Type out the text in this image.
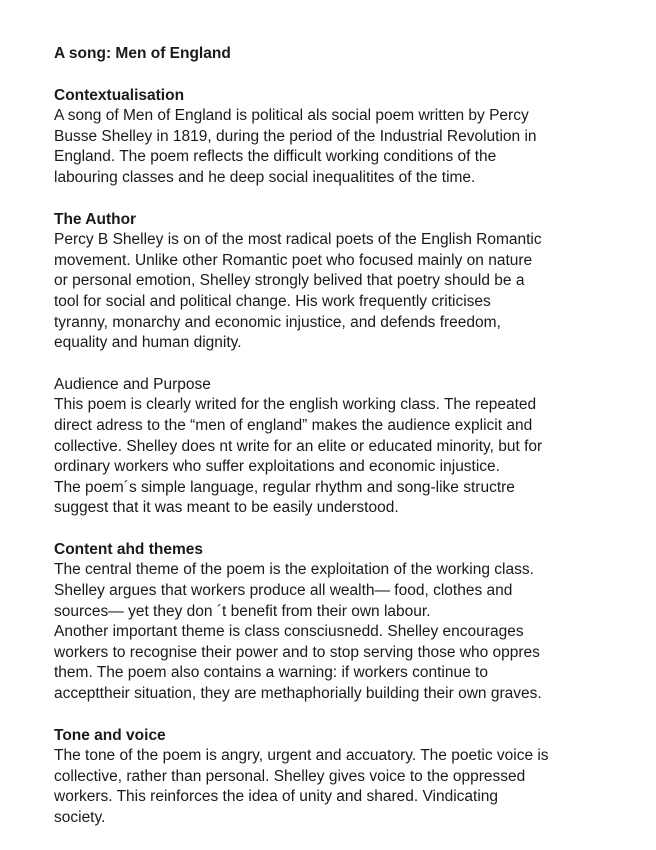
A song: Men of England
Contextualisation
A song of Men of England is political als social poem written by Percy
Busse Shelley in 1819, during the period of the Industrial Revolution in
England. The poem reflects the difficult working conditions of the
labouring classes and he deep social inequalitites of the time.
The Author
Percy B Shelley is on of the most radical poets of the English Romantic
movement. Unlike other Romantic poet who focused mainly on nature
or personal emotion, Shelley strongly belived that poetry should be a
tool for social and political change. His work frequently criticises
tyranny, monarchy and economic injustice, and defends freedom,
equality and human dignity.
Audience and Purpose
This poem is clearly writed for the english working class. The repeated
direct adress to the “men of england” makes the audience explicit and
collective. Shelley does nt write for an elite or educated minority, but for
ordinary workers who suffer exploitations and economic injustice.
The poem´s simple language, regular rhythm and song-like structre
suggest that it was meant to be easily understood.
Content ahd themes
The central theme of the poem is the exploitation of the working class.
Shelley argues that workers produce all wealth— food, clothes and
sources— yet they don ´t benefit from their own labour.
Another important theme is class consciusnedd. Shelley encourages
workers to recognise their power and to stop serving those who oppres
them. The poem also contains a warning: if workers continue to
accepttheir situation, they are methaphorially building their own graves.
Tone and voice
The tone of the poem is angry, urgent and accuatory. The poetic voice is
collective, rather than personal. Shelley gives voice to the oppressed
workers. This reinforces the idea of unity and shared. Vindicating
society.
